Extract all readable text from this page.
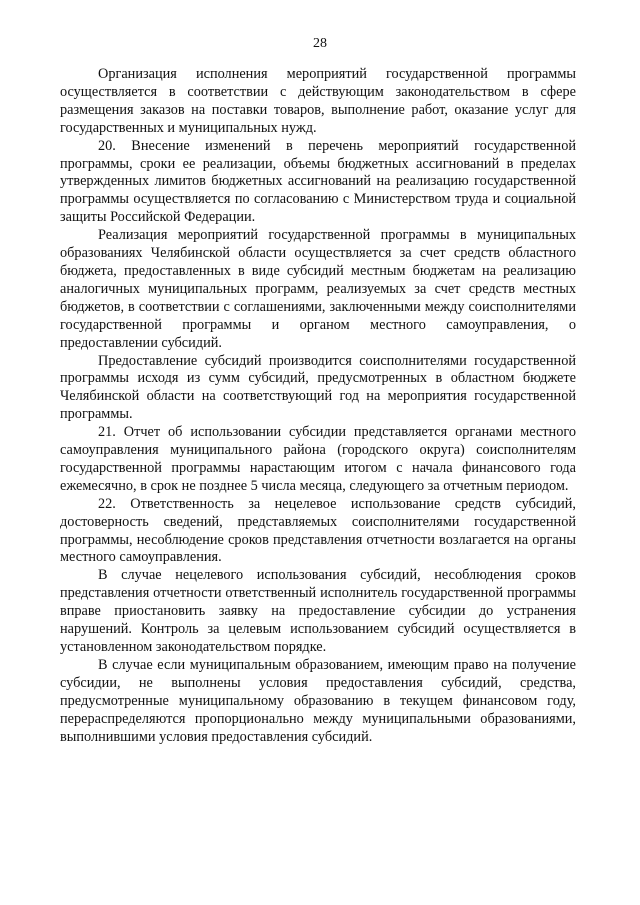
28

Организация исполнения мероприятий государственной программы осуществляется в соответствии с действующим законодательством в сфере размещения заказов на поставки товаров, выполнение работ, оказание услуг для государственных и муниципальных нужд.

20. Внесение изменений в перечень мероприятий государственной программы, сроки ее реализации, объемы бюджетных ассигнований в пределах утвержденных лимитов бюджетных ассигнований на реализацию государственной программы осуществляется по согласованию с Министерством труда и социальной защиты Российской Федерации.

Реализация мероприятий государственной программы в муниципальных образованиях Челябинской области осуществляется за счет средств областного бюджета, предоставленных в виде субсидий местным бюджетам на реализацию аналогичных муниципальных программ, реализуемых за счет средств местных бюджетов, в соответствии с соглашениями, заключенными между соисполнителями государственной программы и органом местного самоуправления, о предоставлении субсидий.

Предоставление субсидий производится соисполнителями государственной программы исходя из сумм субсидий, предусмотренных в областном бюджете Челябинской области на соответствующий год на мероприятия государственной программы.

21. Отчет об использовании субсидии представляется органами местного самоуправления муниципального района (городского округа) соисполнителям государственной программы нарастающим итогом с начала финансового года ежемесячно, в срок не позднее 5 числа месяца, следующего за отчетным периодом.

22. Ответственность за нецелевое использование средств субсидий, достоверность сведений, представляемых соисполнителями государственной программы, несоблюдение сроков представления отчетности возлагается на органы местного самоуправления.

В случае нецелевого использования субсидий, несоблюдения сроков представления отчетности ответственный исполнитель государственной программы вправе приостановить заявку на предоставление субсидии до устранения нарушений. Контроль за целевым использованием субсидий осуществляется в установленном законодательством порядке.

В случае если муниципальным образованием, имеющим право на получение субсидии, не выполнены условия предоставления субсидий, средства, предусмотренные муниципальному образованию в текущем финансовом году, перераспределяются пропорционально между муниципальными образованиями, выполнившими условия предоставления субсидий.
